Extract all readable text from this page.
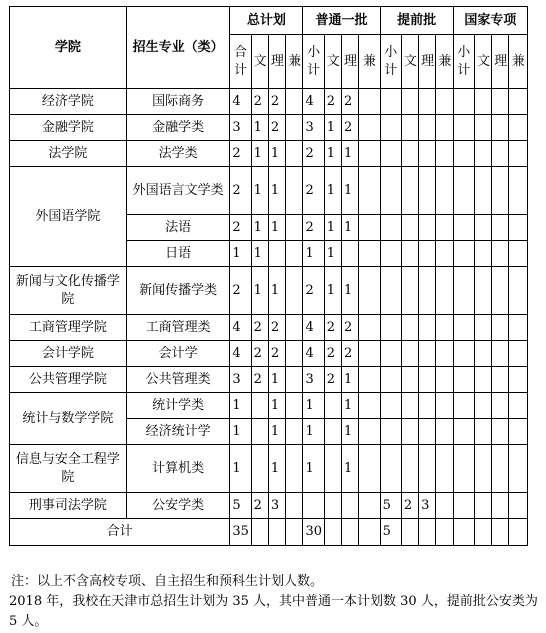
学院	招生专业（类）	总计划				普通一批				提前批				国家专项			
		合计	文	理	兼	小计	文	理	兼	小计	文	理	兼	小计	文	理	兼
经济学院	国际商务	4	2	2		4	2	2									
金融学院	金融学类	3	1	2		3	1	2									
法学院	法学类	2	1	1		2	1	1									
外国语学院	外国语言文学类	2	1	1		2	1	1									
	法语	2	1	1		2	1	1									
	日语	1	1			1	1										
新闻与文化传播学院	新闻传播学类	2	1	1		2	1	1									
工商管理学院	工商管理类	4	2	2		4	2	2									
会计学院	会计学	4	2	2		4	2	2									
公共管理学院	公共管理类	3	2	1		3	2	1									
统计与数学学院	统计学类	1		1		1		1									
	经济统计学	1		1		1		1									
信息与安全工程学院	计算机类	1		1		1		1									
刑事司法学院	公安学类	5	2	3						5	2	3					
合计		35				30				5							

注：以上不含高校专项、自主招生和预科生计划人数。

2018 年，我校在天津市总招生计划为 35 人，其中普通一本计划数 30 人，提前批公安类为 5 人。
